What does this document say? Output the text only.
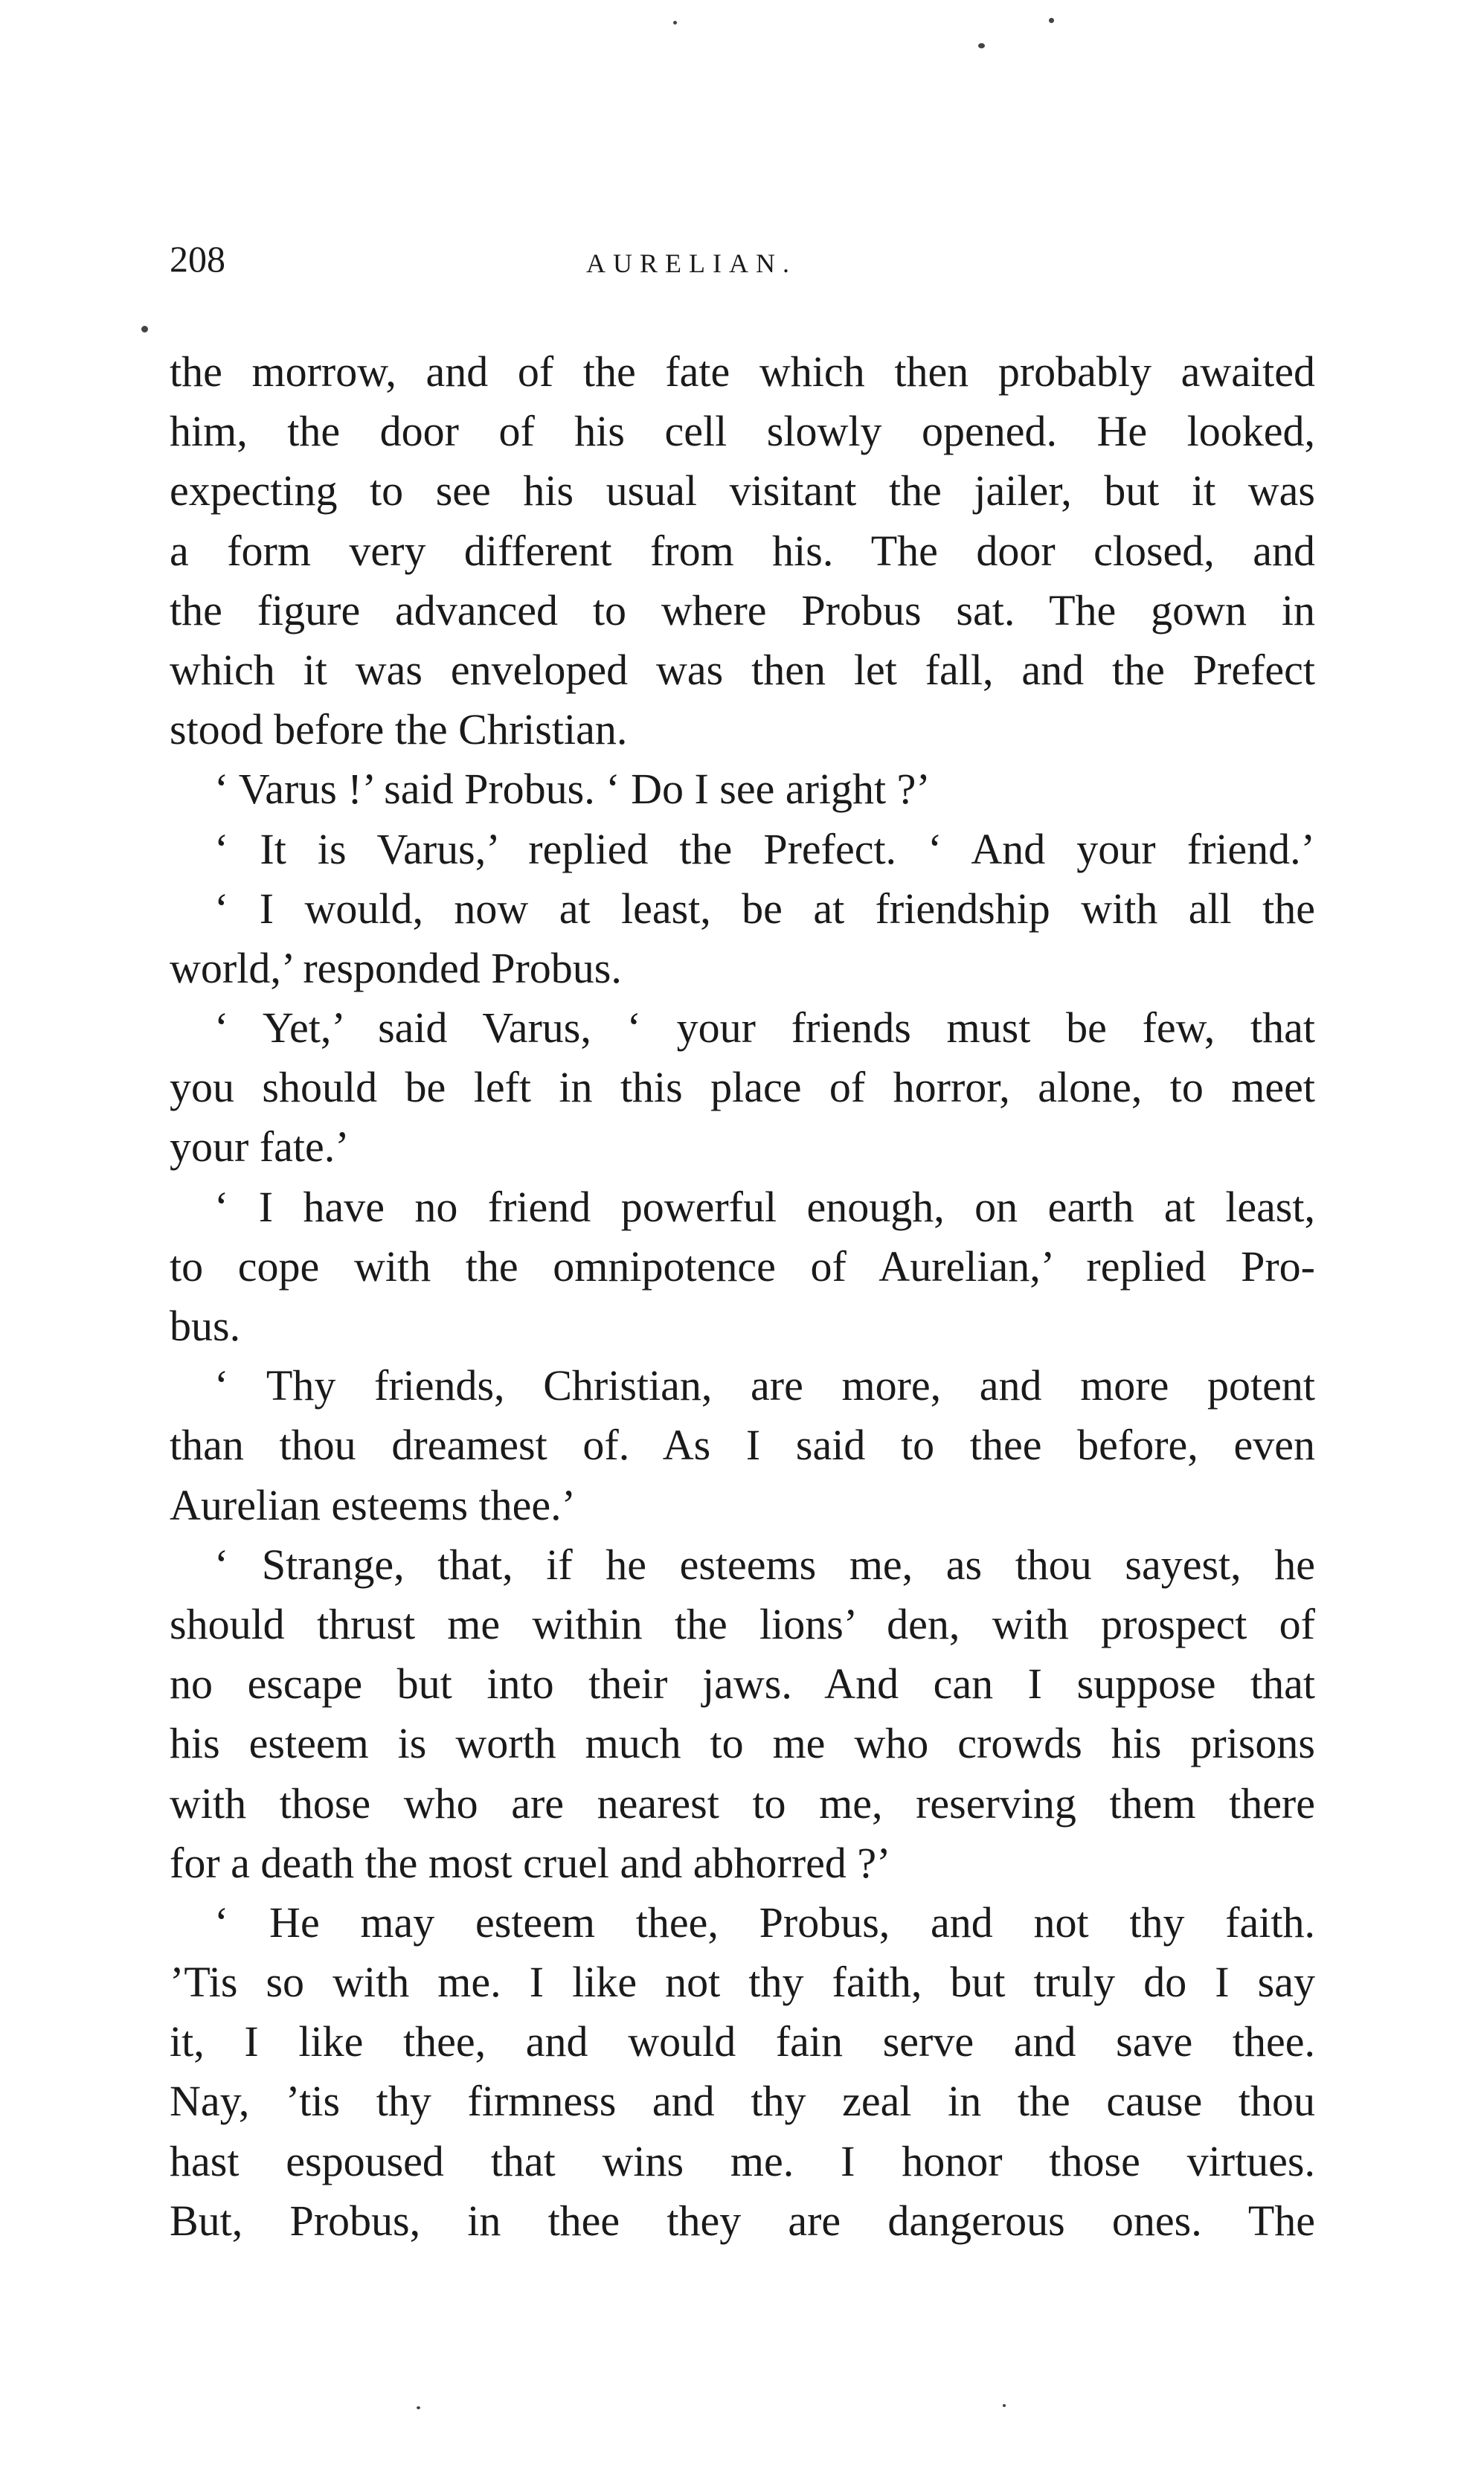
208	AURELIAN.
the morrow, and of the fate which then probably awaited
him, the door of his cell slowly opened. He looked,
expecting to see his usual visitant the jailer, but it was
a form very different from his. The door closed, and
the figure advanced to where Probus sat. The gown in
which it was enveloped was then let fall, and the Prefect
stood before the Christian.
‘ Varus !’ said Probus. ‘ Do I see aright ?’
‘ It is Varus,’ replied the Prefect. ‘ And your friend.’
‘ I would, now at least, be at friendship with all the
world,’ responded Probus.
‘ Yet,’ said Varus, ‘ your friends must be few, that
you should be left in this place of horror, alone, to meet
your fate.’
‘ I have no friend powerful enough, on earth at least,
to cope with the omnipotence of Aurelian,’ replied Pro-
bus.
‘ Thy friends, Christian, are more, and more potent
than thou dreamest of. As I said to thee before, even
Aurelian esteems thee.’
‘ Strange, that, if he esteems me, as thou sayest, he
should thrust me within the lions’ den, with prospect of
no escape but into their jaws. And can I suppose that
his esteem is worth much to me who crowds his prisons
with those who are nearest to me, reserving them there
for a death the most cruel and abhorred ?’
‘ He may esteem thee, Probus, and not thy faith.
’Tis so with me. I like not thy faith, but truly do I say
it, I like thee, and would fain serve and save thee.
Nay, ’tis thy firmness and thy zeal in the cause thou
hast espoused that wins me. I honor those virtues.
But, Probus, in thee they are dangerous ones. The
